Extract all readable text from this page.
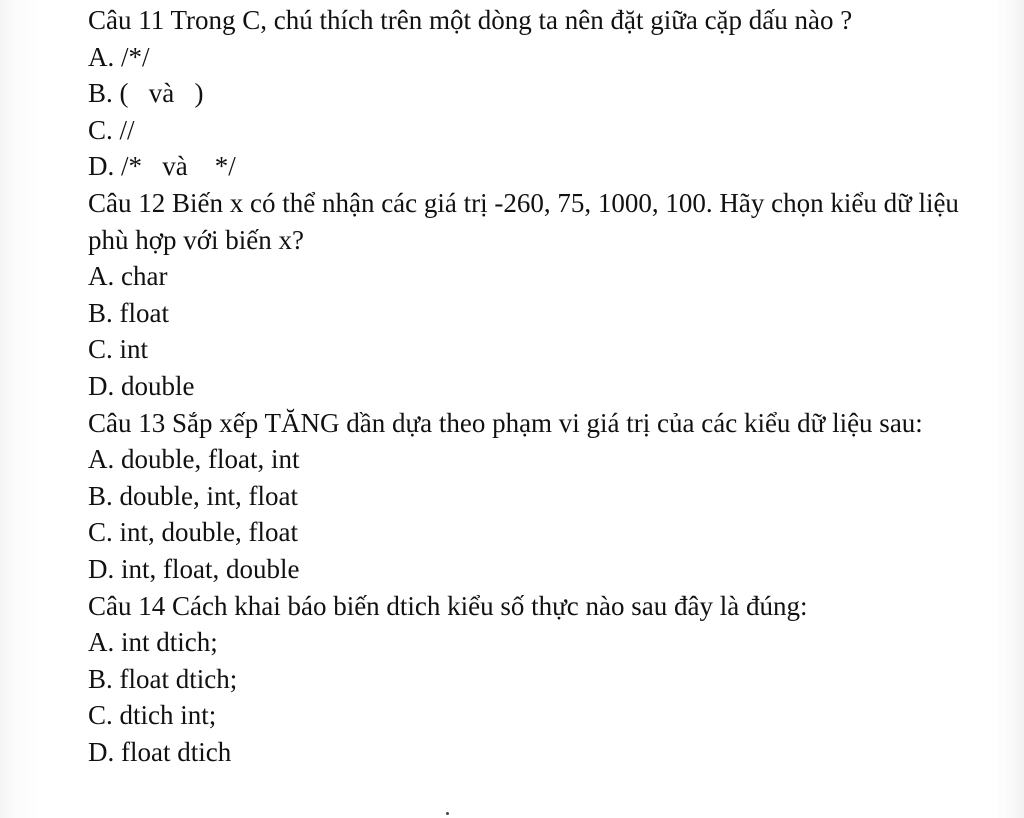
Câu 11 Trong C, chú thích trên một dòng ta nên đặt giữa cặp dấu nào ?
A. /*/
B. (   và   )
C. //
D. /*   và    */
Câu 12 Biến x có thể nhận các giá trị -260, 75, 1000, 100. Hãy chọn kiểu dữ liệu phù hợp với biến x?
A. char
B. float
C. int
D. double
Câu 13 Sắp xếp TĂNG dần dựa theo phạm vi giá trị của các kiểu dữ liệu sau:
A. double, float, int
B. double, int, float
C. int, double, float
D. int, float, double
Câu 14 Cách khai báo biến dtich kiểu số thực nào sau đây là đúng:
A. int dtich;
B. float dtich;
C. dtich int;
D. float dtich
